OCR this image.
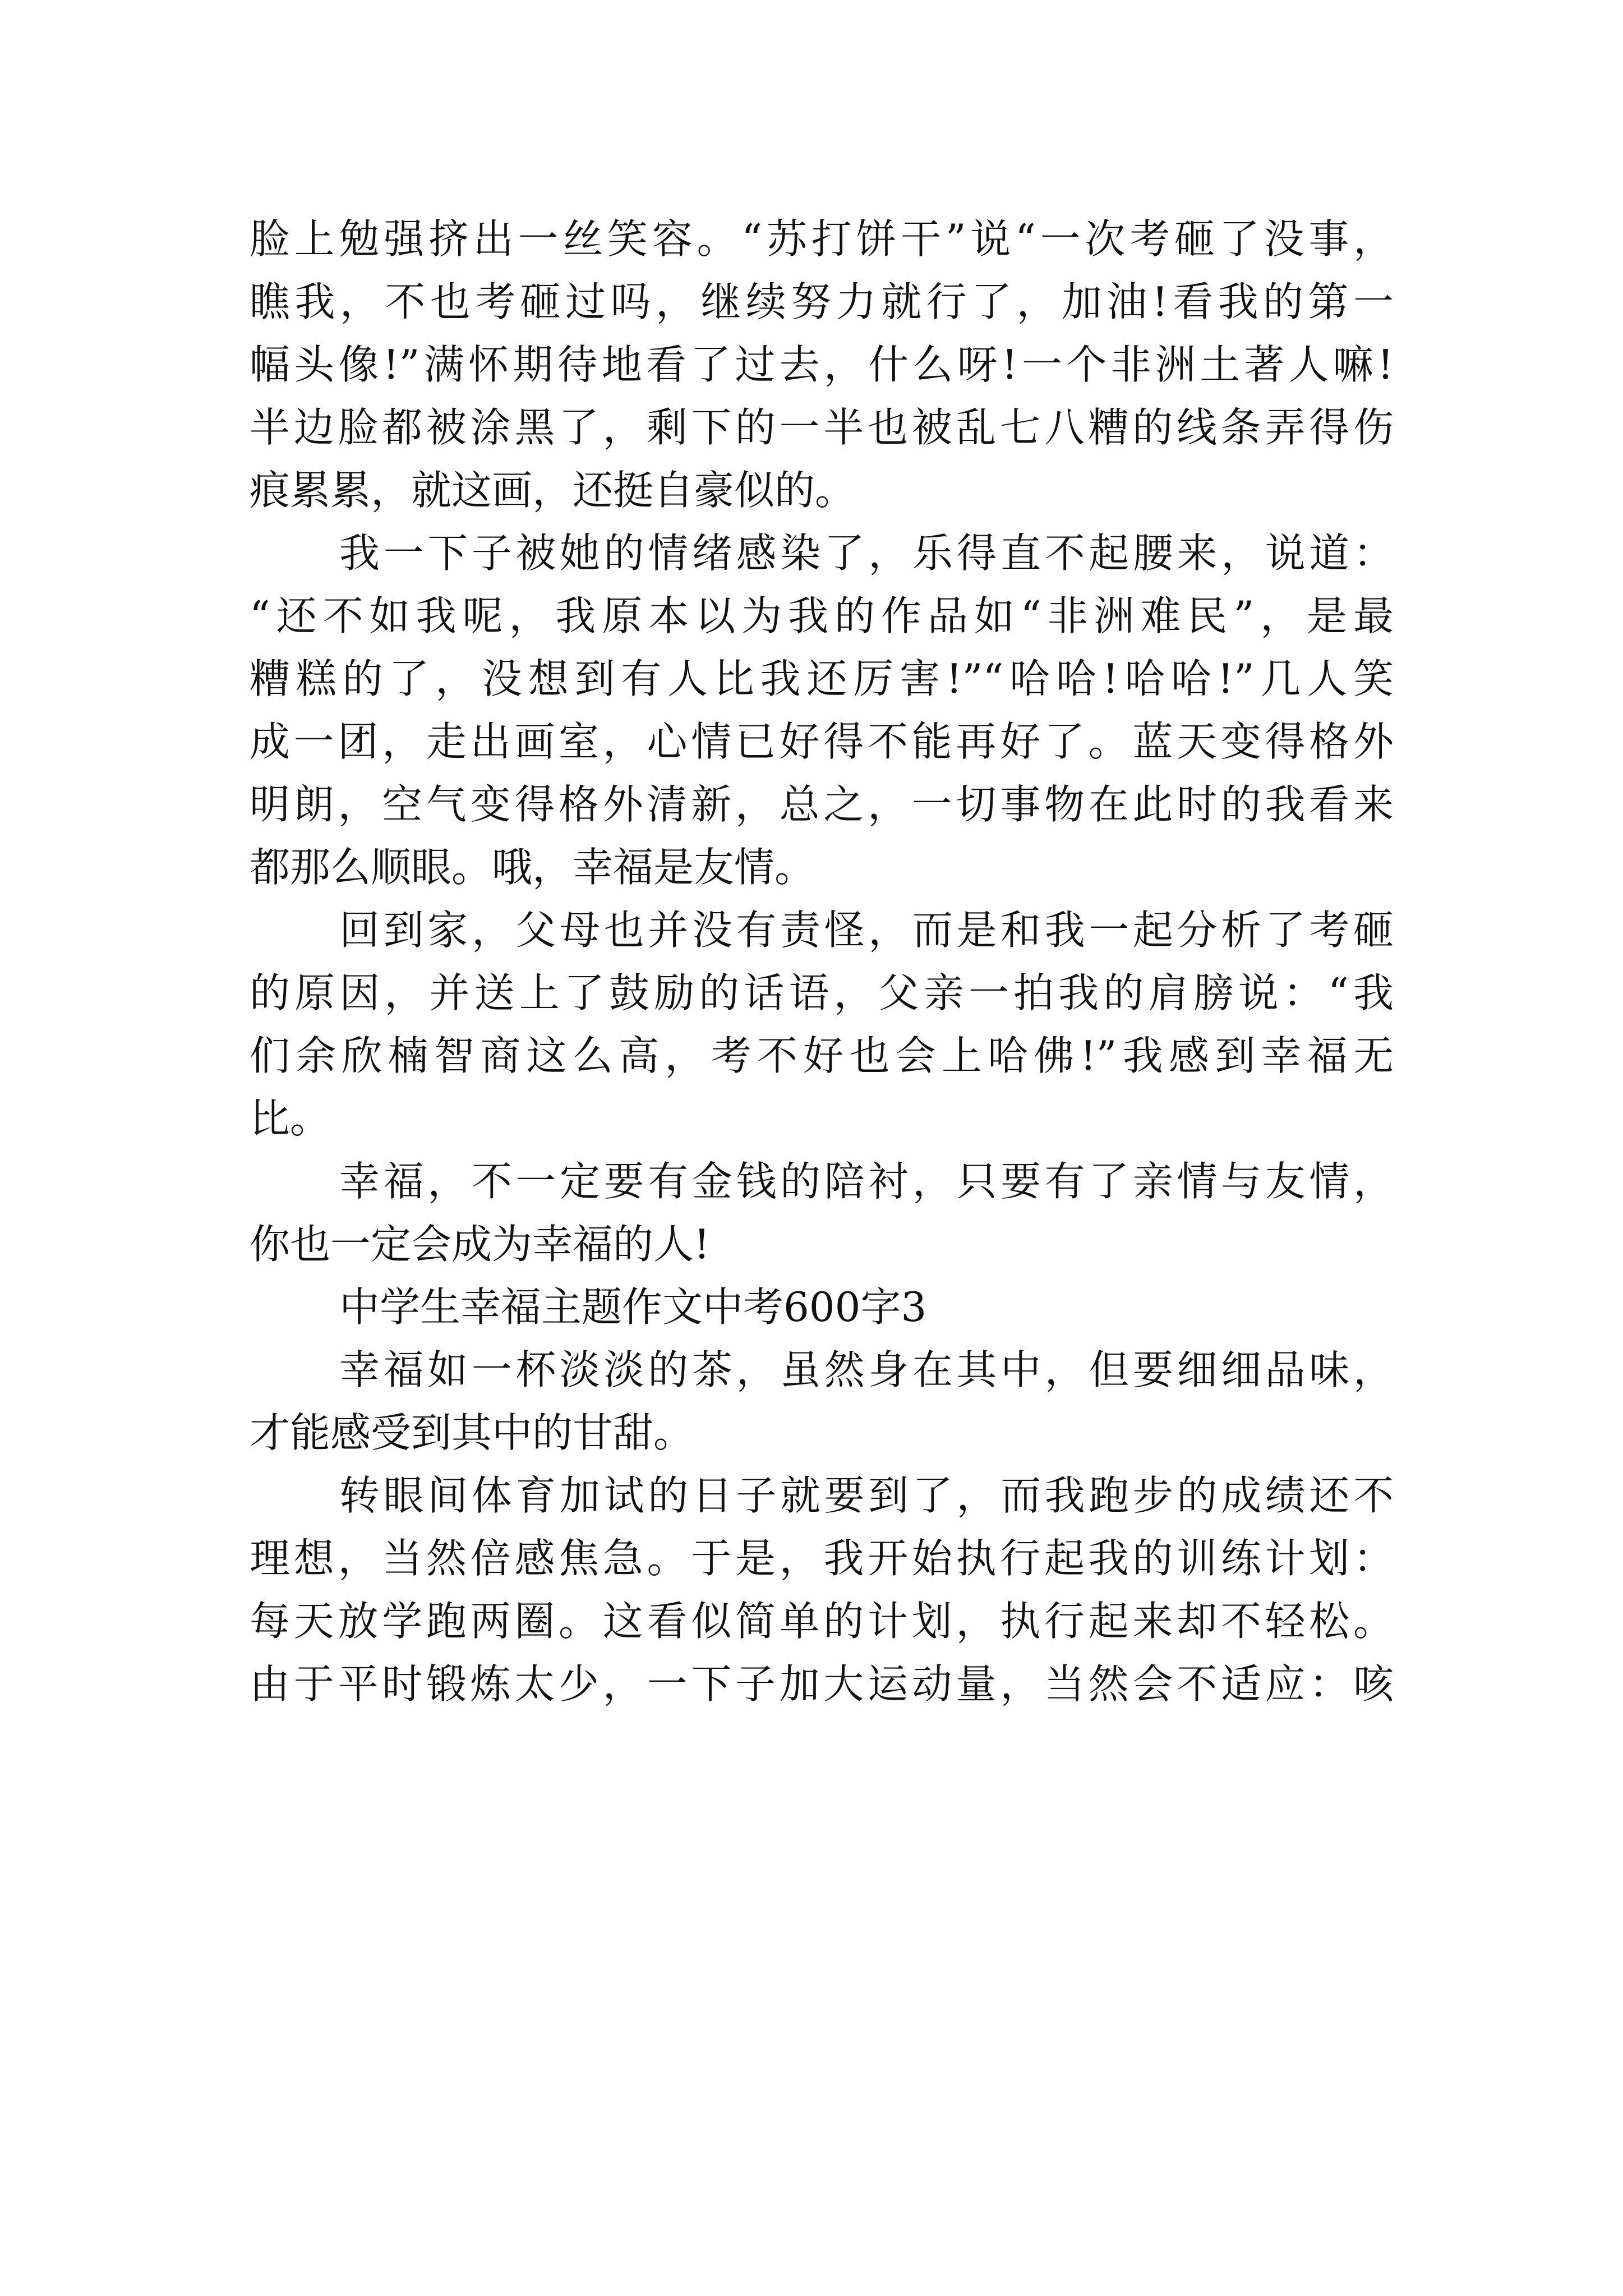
脸上勉强挤出一丝笑容。“苏打饼干”说“一次考砸了没事，
瞧我，不也考砸过吗，继续努力就行了，加油!看我的第一
幅头像!”满怀期待地看了过去，什么呀!一个非洲土著人嘛!
半边脸都被涂黑了，剩下的一半也被乱七八糟的线条弄得伤
痕累累，就这画，还挺自豪似的。
我一下子被她的情绪感染了，乐得直不起腰来，说道：
“还不如我呢，我原本以为我的作品如“非洲难民”，是最
糟糕的了，没想到有人比我还厉害!”“哈哈!哈哈!”几人笑
成一团，走出画室，心情已好得不能再好了。蓝天变得格外
明朗，空气变得格外清新，总之，一切事物在此时的我看来
都那么顺眼。哦，幸福是友情。
回到家，父母也并没有责怪，而是和我一起分析了考砸
的原因，并送上了鼓励的话语，父亲一拍我的肩膀说：“我
们余欣楠智商这么高，考不好也会上哈佛!”我感到幸福无
比。
幸福，不一定要有金钱的陪衬，只要有了亲情与友情，
你也一定会成为幸福的人!
中学生幸福主题作文中考600字3
幸福如一杯淡淡的茶，虽然身在其中，但要细细品味，
才能感受到其中的甘甜。
转眼间体育加试的日子就要到了，而我跑步的成绩还不
理想，当然倍感焦急。于是，我开始执行起我的训练计划：
每天放学跑两圈。这看似简单的计划，执行起来却不轻松。
由于平时锻炼太少，一下子加大运动量，当然会不适应：咳
